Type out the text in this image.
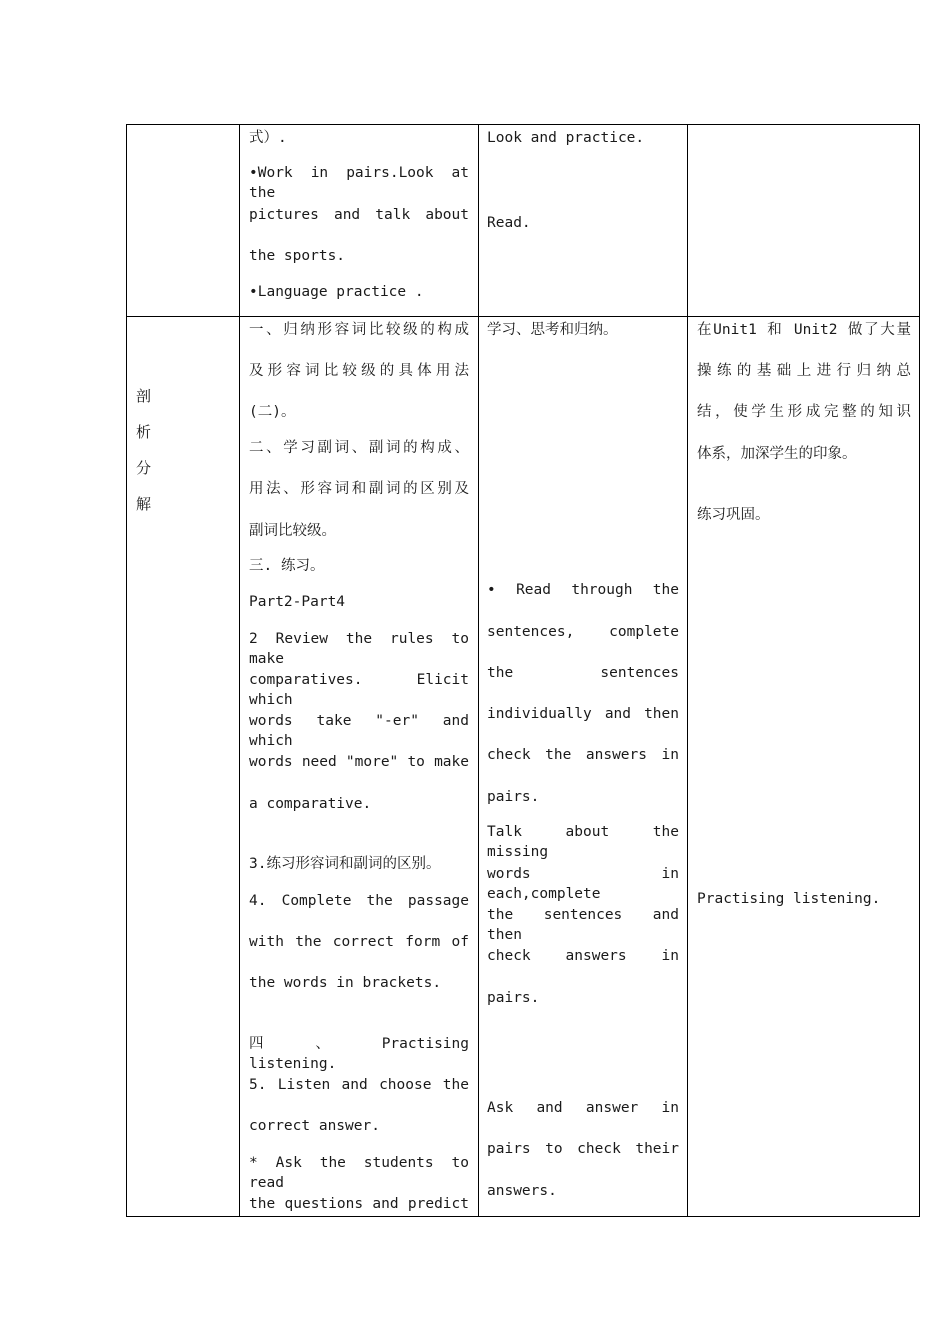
式）.
•Work in pairs.Look at the
pictures and talk about
the sports.
•Language practice .
Look and practice.
Read.
剖
析
分
解
一、归纳形容词比较级的构成
及形容词比较级的具体用法
(二)。
二、学习副词、副词的构成、
用法、形容词和副词的区别及
副词比较级。
三. 练习。
Part2-Part4
2 Review the rules to make
comparatives. Elicit which
words take "-er" and which
words need "more" to make
a comparative.
3.练习形容词和副词的区别。
4. Complete the passage
with the correct form of
the words in brackets.
四 、 Practising listening.
5. Listen and choose the
correct answer.
* Ask the students to read
the questions and predict
学习、思考和归纳。
• Read through the
sentences, complete
the sentences
individually and then
check the answers in
pairs.
Talk about the missing
words in each,complete
the sentences and then
check answers in
pairs.
Ask and answer in
pairs to check their
answers.
在Unit1 和 Unit2 做了大量
操练的基础上进行归纳总
结，使学生形成完整的知识
体系，加深学生的印象。
练习巩固。
Practising listening.
